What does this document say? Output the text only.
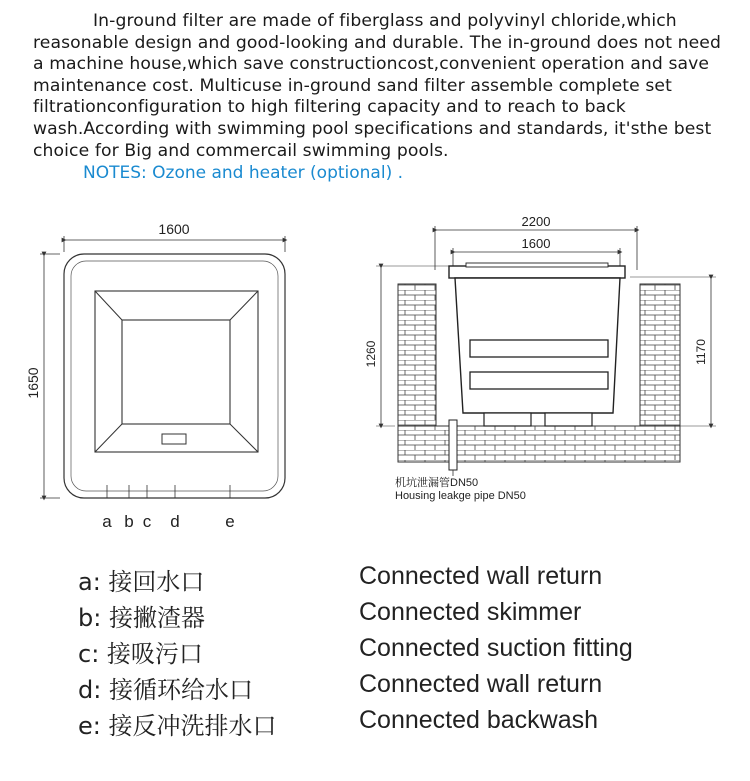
In-ground filter are made of fiberglass and polyvinyl chloride,which reasonable design and good-looking and durable. The in-ground does not need a machine house,which save constructioncost,convenient operation and save maintenance cost. Multicuse in-ground sand filter assemble complete set filtrationconfiguration to high filtering capacity and to reach to back wash.According with swimming pool specifications and standards, it'sthe best choice for Big and commercail swimming pools.

NOTES: Ozone and heater (optional) .
1600
1650
a b c d	e
2200
1600
1260	1170
机坑泄漏管DN50
Housing leakge pipe DN50
a: 接回水口	Connected wall return
b: 接撇渣器	Connected skimmer
c: 接吸污口	Connected suction fitting
d: 接循环给水口	Connected wall return
e: 接反冲洗排水口	Connected backwash
